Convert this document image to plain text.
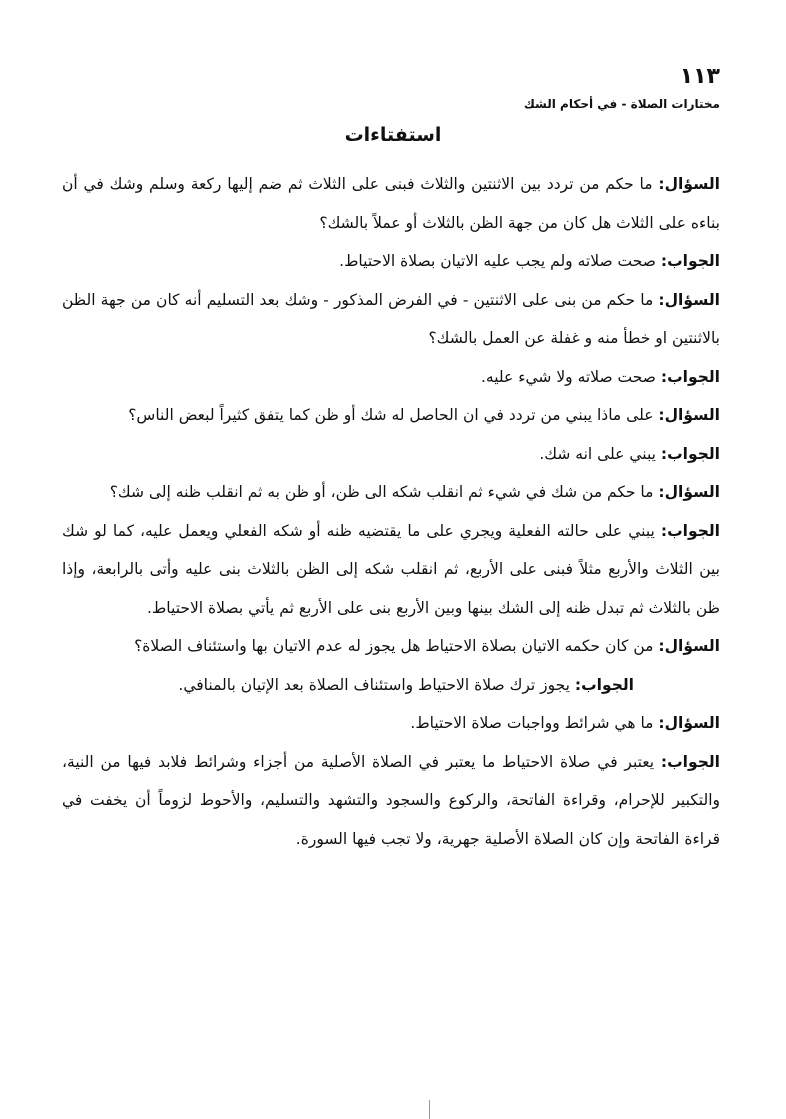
١١٣
مختارات الصلاة - في أحكام الشك
استفتاءات

السؤال: ما حكم من تردد بين الاثنتين والثلاث فبنى على الثلاث ثم ضم إليها ركعة وسلم وشك في أن بناءه على الثلاث هل كان من جهة الظن بالثلاث أو عملاً بالشك؟

الجواب: صحت صلاته ولم يجب عليه الاتيان بصلاة الاحتياط.

السؤال: ما حكم من بنى على الاثنتين - في الفرض المذكور - وشك بعد التسليم أنه كان من جهة الظن بالاثنتين او خطأ منه و غفلة عن العمل بالشك؟

الجواب: صحت صلاته ولا شيء عليه.

السؤال: على ماذا يبني من تردد في ان الحاصل له شك أو ظن كما يتفق كثيراً لبعض الناس؟

الجواب: يبني على انه شك.

السؤال: ما حكم من شك في شيء ثم انقلب شكه الى ظن، أو ظن به ثم انقلب ظنه إلى شك؟

الجواب: يبني على حالته الفعلية ويجري على ما يقتضيه ظنه أو شكه الفعلي ويعمل عليه، كما لو شك بين الثلاث والأربع مثلاً فبنى على الأربع، ثم انقلب شكه إلى الظن بالثلاث بنى عليه وأتى بالرابعة، وإذا ظن بالثلاث ثم تبدل ظنه إلى الشك بينها وبين الأربع بنى على الأربع ثم يأتي بصلاة الاحتياط.

السؤال: من كان حكمه الاتيان بصلاة الاحتياط هل يجوز له عدم الاتيان بها واستئناف الصلاة؟

الجواب: يجوز ترك صلاة الاحتياط واستئناف الصلاة بعد الإتيان بالمنافي.

السؤال: ما هي شرائط وواجبات صلاة الاحتياط.

الجواب: يعتبر في صلاة الاحتياط ما يعتبر في الصلاة الأصلية من أجزاء وشرائط فلابد فيها من النية، والتكبير للإحرام، وقراءة الفاتحة، والركوع والسجود والتشهد والتسليم، والأحوط لزوماً أن يخفت في قراءة الفاتحة وإن كان الصلاة الأصلية جهرية، ولا تجب فيها السورة.
